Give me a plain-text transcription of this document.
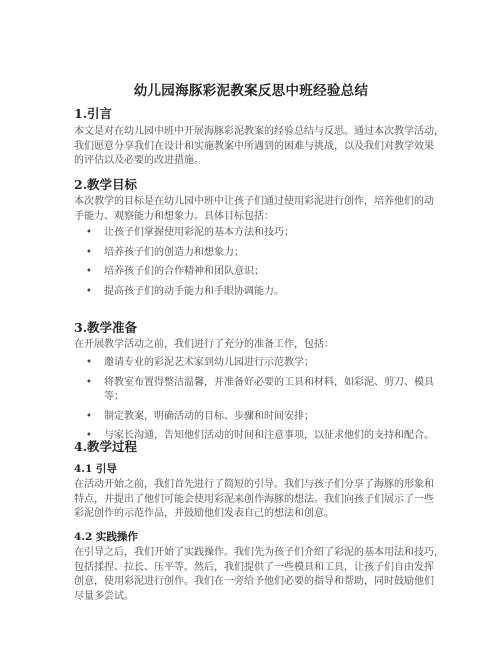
幼儿园海豚彩泥教案反思中班经验总结
1.引言
本文是对在幼儿园中班中开展海豚彩泥教案的经验总结与反思。通过本次教学活动，
我们愿意分享我们在设计和实施教案中所遇到的困难与挑战，以及我们对教学效果
的评估以及必要的改进措施。
2.教学目标
本次教学的目标是在幼儿园中班中让孩子们通过使用彩泥进行创作，培养他们的动
手能力、观察能力和想象力。具体目标包括：
• 让孩子们掌握使用彩泥的基本方法和技巧；
• 培养孩子们的创造力和想象力；
• 培养孩子们的合作精神和团队意识；
• 提高孩子们的动手能力和手眼协调能力。
3.教学准备
在开展教学活动之前，我们进行了充分的准备工作，包括：
• 邀请专业的彩泥艺术家到幼儿园进行示范教学；
• 将教室布置得整洁温馨，并准备好必要的工具和材料，如彩泥、剪刀、模具
等；
• 制定教案，明确活动的目标、步骤和时间安排；
• 与家长沟通，告知他们活动的时间和注意事项，以征求他们的支持和配合。
4.教学过程
4.1 引导
在活动开始之前，我们首先进行了简短的引导。我们与孩子们分享了海豚的形象和
特点，并提出了他们可能会使用彩泥来创作海豚的想法。我们向孩子们展示了一些
彩泥创作的示范作品，并鼓励他们发表自己的想法和创意。
4.2 实践操作
在引导之后，我们开始了实践操作。我们先为孩子们介绍了彩泥的基本用法和技巧，
包括揉捏、拉长、压平等。然后，我们提供了一些模具和工具，让孩子们自由发挥
创意，使用彩泥进行创作。我们在一旁给予他们必要的指导和帮助，同时鼓励他们
尽量多尝试。
